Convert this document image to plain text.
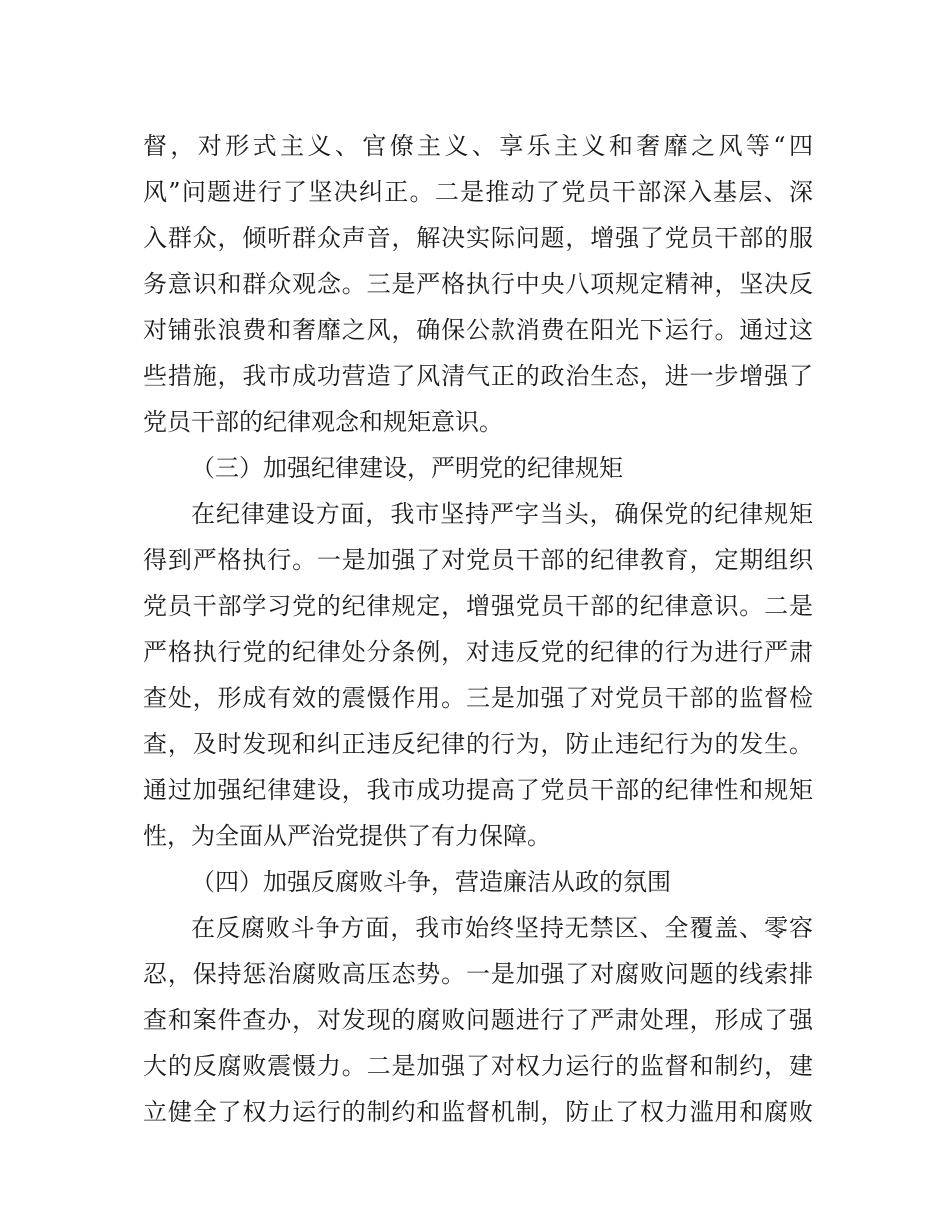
督，对形式主义、官僚主义、享乐主义和奢靡之风等“四
风”问题进行了坚决纠正。二是推动了党员干部深入基层、深
入群众，倾听群众声音，解决实际问题，增强了党员干部的服
务意识和群众观念。三是严格执行中央八项规定精神，坚决反
对铺张浪费和奢靡之风，确保公款消费在阳光下运行。通过这
些措施，我市成功营造了风清气正的政治生态，进一步增强了
党员干部的纪律观念和规矩意识。
（三）加强纪律建设，严明党的纪律规矩
在纪律建设方面，我市坚持严字当头，确保党的纪律规矩
得到严格执行。一是加强了对党员干部的纪律教育，定期组织
党员干部学习党的纪律规定，增强党员干部的纪律意识。二是
严格执行党的纪律处分条例，对违反党的纪律的行为进行严肃
查处，形成有效的震慑作用。三是加强了对党员干部的监督检
查，及时发现和纠正违反纪律的行为，防止违纪行为的发生。
通过加强纪律建设，我市成功提高了党员干部的纪律性和规矩
性，为全面从严治党提供了有力保障。
（四）加强反腐败斗争，营造廉洁从政的氛围
在反腐败斗争方面，我市始终坚持无禁区、全覆盖、零容
忍，保持惩治腐败高压态势。一是加强了对腐败问题的线索排
查和案件查办，对发现的腐败问题进行了严肃处理，形成了强
大的反腐败震慑力。二是加强了对权力运行的监督和制约，建
立健全了权力运行的制约和监督机制，防止了权力滥用和腐败
